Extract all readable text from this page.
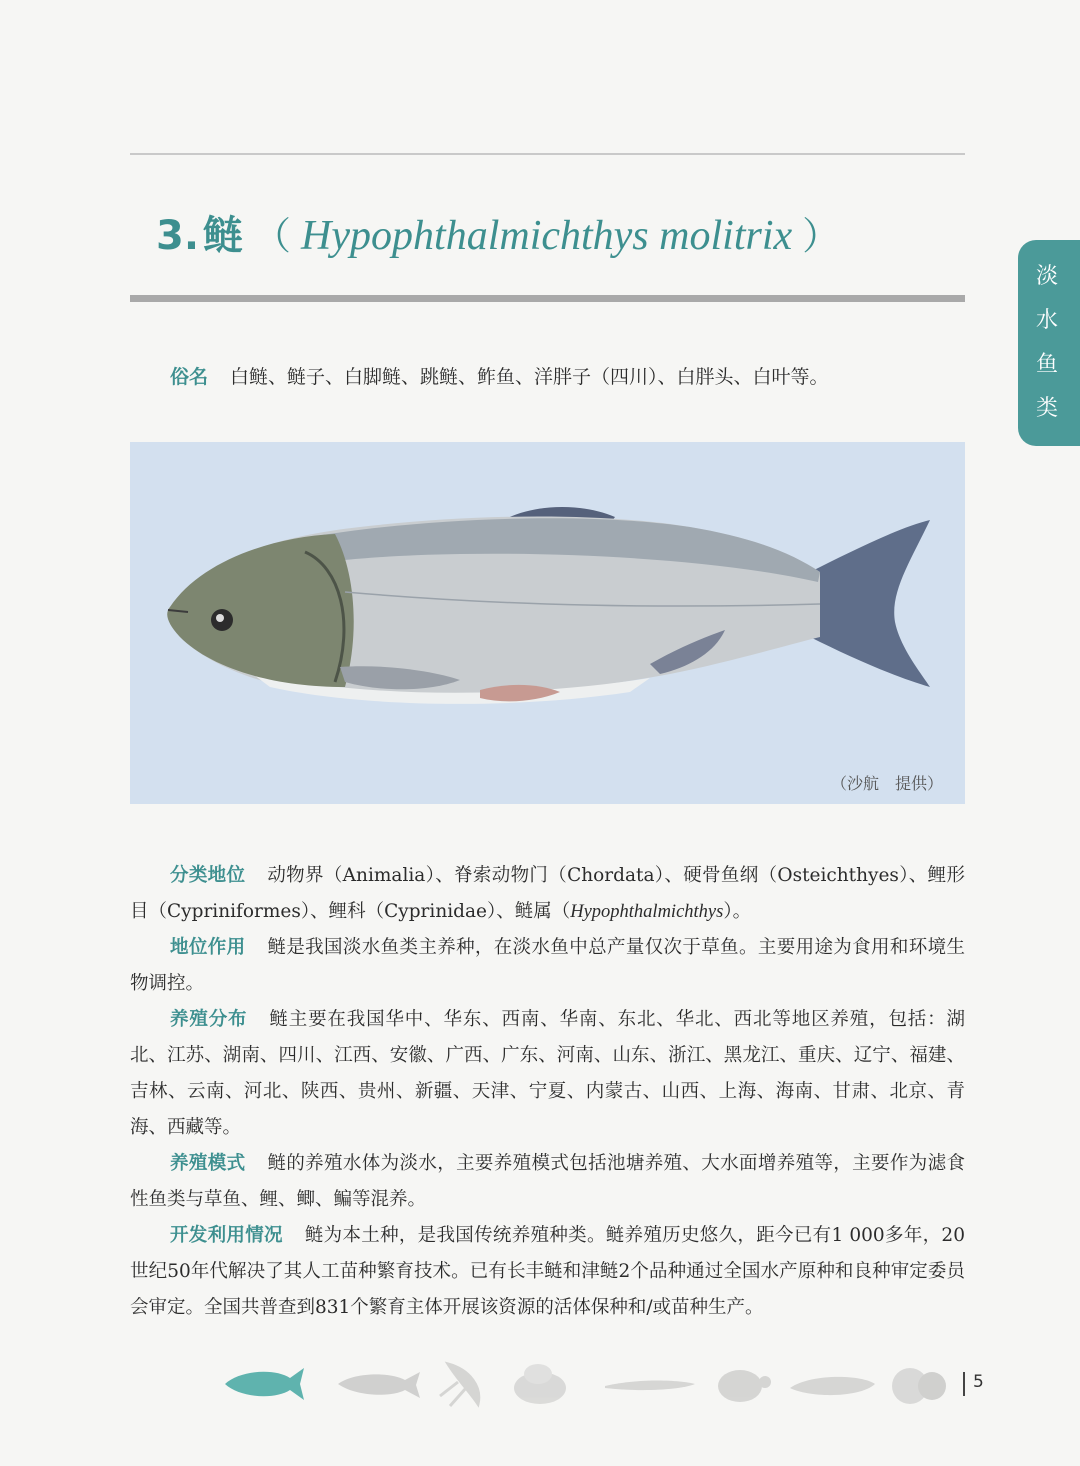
3. 鲢 （ Hypophthalmichthys molitrix ）
淡
水
鱼
类
俗名 白鲢、鲢子、白脚鲢、跳鲢、鲊鱼、洋胖子（四川）、白胖头、白叶等。
（沙航　提供）

分类地位 动物界（Animalia）、脊索动物门（Chordata）、硬骨鱼纲（Osteichthyes）、鲤形目（Cypriniformes）、鲤科（Cyprinidae）、鲢属（Hypophthalmichthys）。

地位作用 鲢是我国淡水鱼类主养种，在淡水鱼中总产量仅次于草鱼。主要用途为食用和环境生物调控。

养殖分布 鲢主要在我国华中、华东、西南、华南、东北、华北、西北等地区养殖，包括：湖北、江苏、湖南、四川、江西、安徽、广西、广东、河南、山东、浙江、黑龙江、重庆、辽宁、福建、吉林、云南、河北、陕西、贵州、新疆、天津、宁夏、内蒙古、山西、上海、海南、甘肃、北京、青海、西藏等。

养殖模式 鲢的养殖水体为淡水，主要养殖模式包括池塘养殖、大水面增养殖等，主要作为滤食性鱼类与草鱼、鲤、鲫、鳊等混养。

开发利用情况 鲢为本土种，是我国传统养殖种类。鲢养殖历史悠久，距今已有1 000多年，20世纪50年代解决了其人工苗种繁育技术。已有长丰鲢和津鲢2个品种通过全国水产原种和良种审定委员会审定。全国共普查到831个繁育主体开展该资源的活体保种和/或苗种生产。

5
